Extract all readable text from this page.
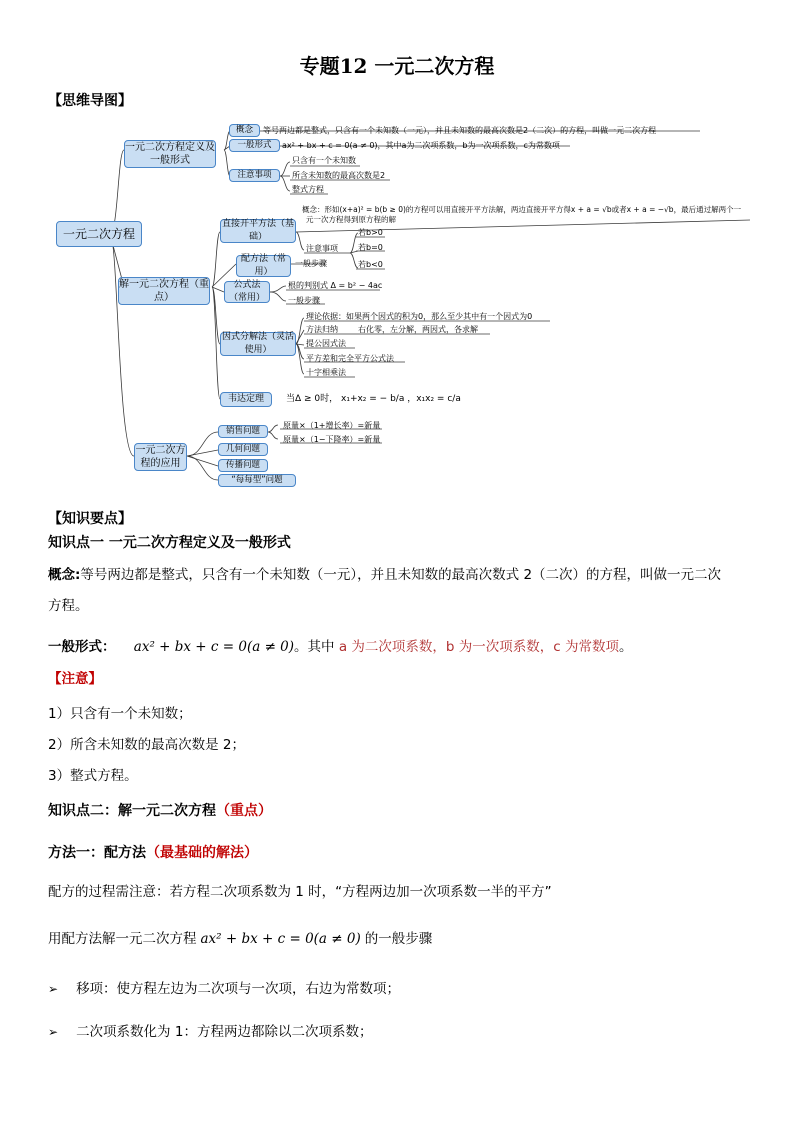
专题12 一元二次方程
【思维导图】
一元二次方程
一元二次方程定义及一般形式
概念	等号两边都是整式，只含有一个未知数（一元），并且未知数的最高次数是2（二次）的方程，叫做一元二次方程
一般形式	ax² + bx + c = 0(a ≠ 0)，其中a为二次项系数，b为一次项系数，c为常数项
注意事项
只含有一个未知数
所含未知数的最高次数是2
整式方程
解一元二次方程（重点）
直接开平方法（基础）
概念：形如(x+a)² = b(b ≥ 0)的方程可以用直接开平方法解，两边直接开平方得x + a = √b或者x + a = −√b，最后通过解两个一
元一次方程得到原方程的解
注意事项
若b>0
若b=0
若b<0
配方法（常用）
一般步骤
公式法（常用）
根的判别式 Δ = b² − 4ac
一般步骤
因式分解法（灵活使用）
理论依据：如果两个因式的积为0，那么至少其中有一个因式为0
方法归纳	右化零，左分解，两因式，各求解
提公因式法
平方差和完全平方公式法
十字相乘法
韦达定理	当Δ ≥ 0时， x₁+x₂ = − b/a ，x₁x₂ = c/a
一元二次方程的应用
销售问题
几何问题
传播问题
“每每型”问题
原量×（1+增长率）=新量
原量×（1−下降率）=新量
【知识要点】
知识点一 一元二次方程定义及一般形式
概念:等号两边都是整式，只含有一个未知数（一元），并且未知数的最高次数式 2（二次）的方程，叫做一元二次
方程。
一般形式： ax² + bx + c = 0(a ≠ 0)。其中 a 为二次项系数，b 为一次项系数，c 为常数项。
【注意】
1）只含有一个未知数；
2）所含未知数的最高次数是 2；
3）整式方程。
知识点二：解一元二次方程（重点）
方法一：配方法（最基础的解法）
配方的过程需注意：若方程二次项系数为 1 时，“方程两边加一次项系数一半的平方”
用配方法解一元二次方程 ax² + bx + c = 0(a ≠ 0) 的一般步骤
➢ 移项：使方程左边为二次项与一次项，右边为常数项；
➢ 二次项系数化为 1：方程两边都除以二次项系数；
